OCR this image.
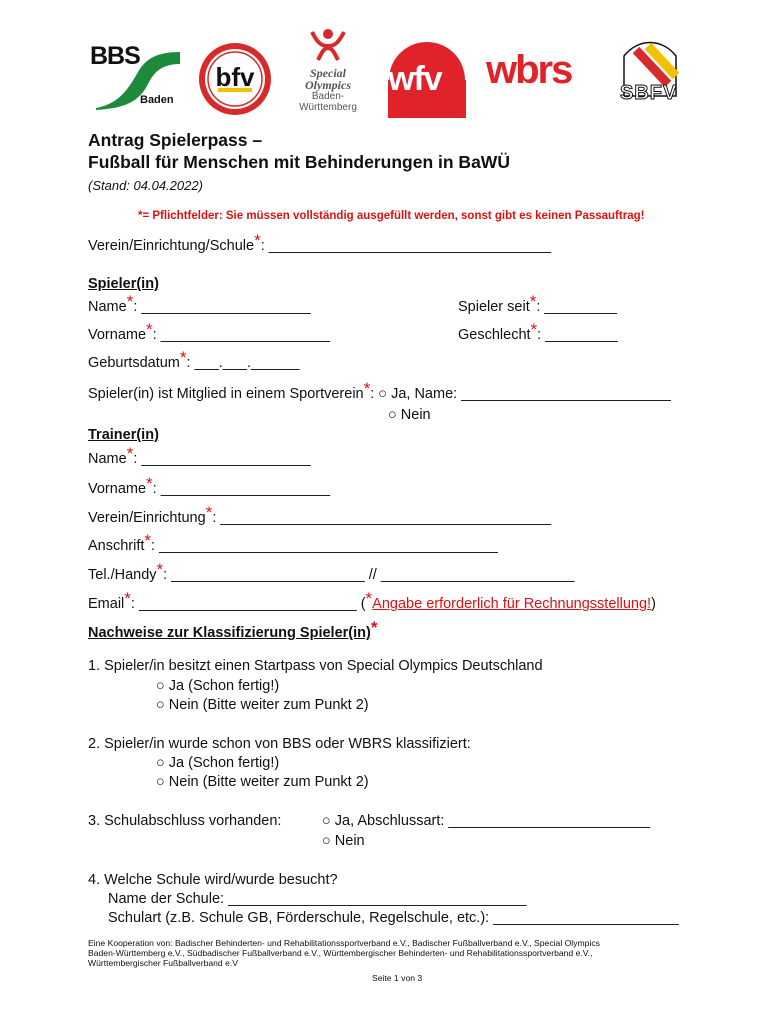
BBS
Baden
bfv	Special
Olympics
Baden-
Württemberg
wfv wbrs
SBFV
Antrag Spielerpass –
Fußball für Menschen mit Behinderungen in BaWÜ
(Stand: 04.04.2022)
*= Pflichtfelder: Sie müssen vollständig ausgefüllt werden, sonst gibt es keinen Passauftrag!
Verein/Einrichtung/Schule*: ___________________________________
Spieler(in)
Name*: _____________________	Spieler seit*: _________
Vorname*: _____________________	Geschlecht*: _________
Geburtsdatum*: ___.___.______
Spieler(in) ist Mitglied in einem Sportverein*: ○ Ja, Name: __________________________
○ Nein
Trainer(in)
Name*: _____________________
Vorname*: _____________________
Verein/Einrichtung*: _________________________________________
Anschrift*: __________________________________________
Tel./Handy*: ________________________ // ________________________
Email*: ___________________________ (*Angabe erforderlich für Rechnungsstellung!)
Nachweise zur Klassifizierung Spieler(in)*
1. Spieler/in besitzt einen Startpass von Special Olympics Deutschland
○ Ja (Schon fertig!)
○ Nein (Bitte weiter zum Punkt 2)
2. Spieler/in wurde schon von BBS oder WBRS klassifiziert:
○ Ja (Schon fertig!)
○ Nein (Bitte weiter zum Punkt 2)
3. Schulabschluss vorhanden:	○ Ja, Abschlussart: _________________________
○ Nein
4. Welche Schule wird/wurde besucht?
Name der Schule: _____________________________________
Schulart (z.B. Schule GB, Förderschule, Regelschule, etc.): _______________________
Eine Kooperation von: Badischer Behinderten- und Rehabilitationssportverband e.V., Badischer Fußballverband e.V., Special Olympics
Baden-Württemberg e.V., Südbadischer Fußballverband e.V., Württembergischer Behinderten- und Rehabilitationssportverband e.V.,
Württembergischer Fußballverband e.V
Seite 1 von 3
